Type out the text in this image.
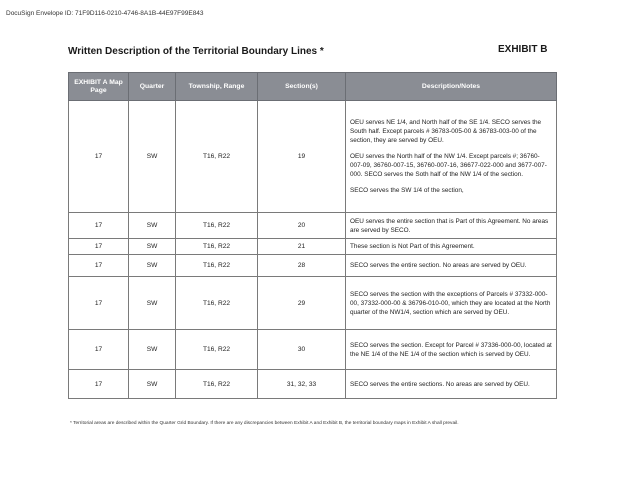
DocuSign Envelope ID: 71F9D116-0210-4746-8A1B-44E97F99E843
Written Description of the Territorial Boundary Lines *	EXHIBIT B
EXHIBIT A Map Page	Quarter	Township, Range	Section(s)	Description/Notes
17	SW	T16, R22	19	OEU serves NE 1/4, and North half of the SE 1/4. SECO serves the South half. Except parcels # 36783-005-00 & 36783-003-00 of the section, they are served by OEU.

OEU serves the North half of the NW 1/4. Except parcels #; 36760-007-09, 36760-007-15, 36760-007-16, 36677-022-000 and 3677-007-000. SECO serves the Soth half of the NW 1/4 of the section.

SECO serves the SW 1/4 of the section,

17	SW	T16, R22	20	OEU serves the entire section that is Part of this Agreement. No areas are served by SECO.

17	SW	T16, R22	21	These section is Not Part of this Agreement.

17	SW	T16, R22	28	SECO serves the entire section. No areas are served by OEU.

17	SW	T16, R22	29	SECO serves the section with the exceptions of Parcels # 37332-000-00, 37332-000-00 & 36796-010-00, which they are located at the North quarter of the NW1/4, section which are served by OEU.

17	SW	T16, R22	30	SECO serves the section. Except for Parcel # 37336-000-00, located at the NE 1/4 of the NE 1/4 of the section which is served by OEU.

17	SW	T16, R22	31, 32, 33	SECO serves the entire sections. No areas are served by OEU.

* Territorial areas are described within the Quarter Grid Boundary. If there are any discrepancies between Exhibit A and Exhibit B, the territorial boundary maps in Exhibit A shall prevail.
